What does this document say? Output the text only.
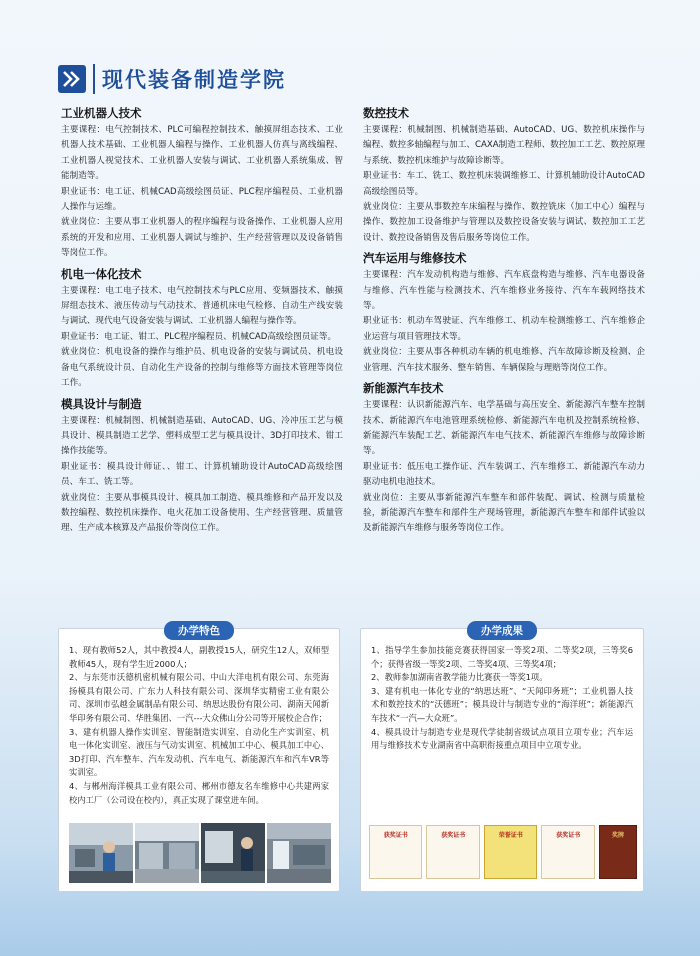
现代装备制造学院
工业机器人技术

主要课程：电气控制技术、PLC可编程控制技术、触摸屏组态技术、工业机器人技术基础、工业机器人编程与操作、工业机器人仿真与离线编程、工业机器人视觉技术、工业机器人安装与调试、工业机器人系统集成、智能制造等。

职业证书：电工证、机械CAD高级绘图员证、PLC程序编程员、工业机器人操作与运维。

就业岗位：主要从事工业机器人的程序编程与设备操作、工业机器人应用系统的开发和应用、工业机器人调试与维护、生产经营管理以及设备销售等岗位工作。

机电一体化技术

主要课程：电工电子技术、电气控制技术与PLC应用、变频器技术、触摸屏组态技术、液压传动与气动技术、普通机床电气检修、自动生产线安装与调试、现代电气设备安装与调试、工业机器人编程与操作等。

职业证书：电工证、钳工、PLC程序编程员、机械CAD高级绘图员证等。

就业岗位：机电设备的操作与维护员、机电设备的安装与调试员、机电设备电气系统设计员、自动化生产设备的控制与维修等方面技术管理等岗位工作。

模具设计与制造

主要课程：机械制图、机械制造基础、AutoCAD、UG、冷冲压工艺与模具设计、模具制造工艺学、塑料成型工艺与模具设计、3D打印技术、钳工操作技能等。

职业证书：模具设计师证、、钳工、计算机辅助设计AutoCAD高级绘图员、车工、铣工等。

就业岗位：主要从事模具设计、模具加工制造、模具维修和产品开发以及数控编程、数控机床操作、电火花加工设备使用、生产经营管理、质量管理、生产成本核算及产品报价等岗位工作。

数控技术

主要课程：机械制图、机械制造基础、AutoCAD、UG、数控机床操作与编程、数控多轴编程与加工、CAXA制造工程师、数控加工工艺、数控原理与系统、数控机床维护与故障诊断等。

职业证书：车工、铣工、数控机床装调维修工、计算机辅助设计AutoCAD高级绘图员等。

就业岗位：主要从事数控车床编程与操作、数控铣床（加工中心）编程与操作、数控加工设备维护与管理以及数控设备安装与调试、数控加工工艺设计、数控设备销售及售后服务等岗位工作。

汽车运用与维修技术

主要课程：汽车发动机构造与维修、汽车底盘构造与维修、汽车电器设备与维修、汽车性能与检测技术、汽车维修业务接待、汽车车载网络技术等。

职业证书：机动车驾驶证、汽车维修工、机动车检测维修工、汽车维修企业运营与项目管理技术等。

就业岗位：主要从事各种机动车辆的机电维修、汽车故障诊断及检测、企业管理、汽车技术服务、整车销售、车辆保险与理赔等岗位工作。

新能源汽车技术

主要课程：认识新能源汽车、电学基础与高压安全、新能源汽车整车控制技术、新能源汽车电池管理系统检修、新能源汽车电机及控制系统检修、新能源汽车装配工艺、新能源汽车电气技术、新能源汽车维修与故障诊断等。

职业证书：低压电工操作证、汽车装调工、汽车维修工、新能源汽车动力驱动电机电池技术。

就业岗位：主要从事新能源汽车整车和部件装配、调试、检测与质量检验，新能源汽车整车和部件生产现场管理，新能源汽车整车和部件试验以及新能源汽车维修与服务等岗位工作。

办学特色

1、现有教师52人，其中教授4人，副教授15人，研究生12人，双师型教师45人，现有学生近2000人；

2、与东莞市沃德机密机械有限公司、中山大洋电机有限公司、东莞海扬模具有限公司、广东力人科技有限公司、深圳华实精密工业有限公司、深圳市弘越金属制品有限公司、纳思达股份有限公司、湖南天闻新华印务有限公司、华胜集团、一汽---大众佛山分公司等开展校企合作；

3、建有机器人操作实训室、智能制造实训室、自动化生产实训室、机电一体化实训室、液压与气动实训室、机械加工中心、模具加工中心、3D打印、汽车整车、汽车发动机、汽车电气、新能源汽车和汽车VR等实训室。

4、与郴州海洋模具工业有限公司、郴州市德友名车维修中心共建两家校内工厂（公司设在校内），真正实现了课堂进车间。

办学成果

1、指导学生参加技能竞赛获得国家一等奖2项、二等奖2项，三等奖6个；获得省级一等奖2项、二等奖4项、三等奖4项；

2、教师参加湖南省教学能力比赛获一等奖1项。

3、建有机电一体化专业的“纳思达班”、“天闻印务班”；工业机器人技术和数控技术的“沃德班”；模具设计与制造专业的“海洋班”；新能源汽车技术“一汽—大众班”。

4、模具设计与制造专业是现代学徒制省级试点项目立项专业；汽车运用与维修技术专业湖南省中高职衔接重点项目中立项专业。

获奖证书	获奖证书	荣誉证书	获奖证书	奖牌
